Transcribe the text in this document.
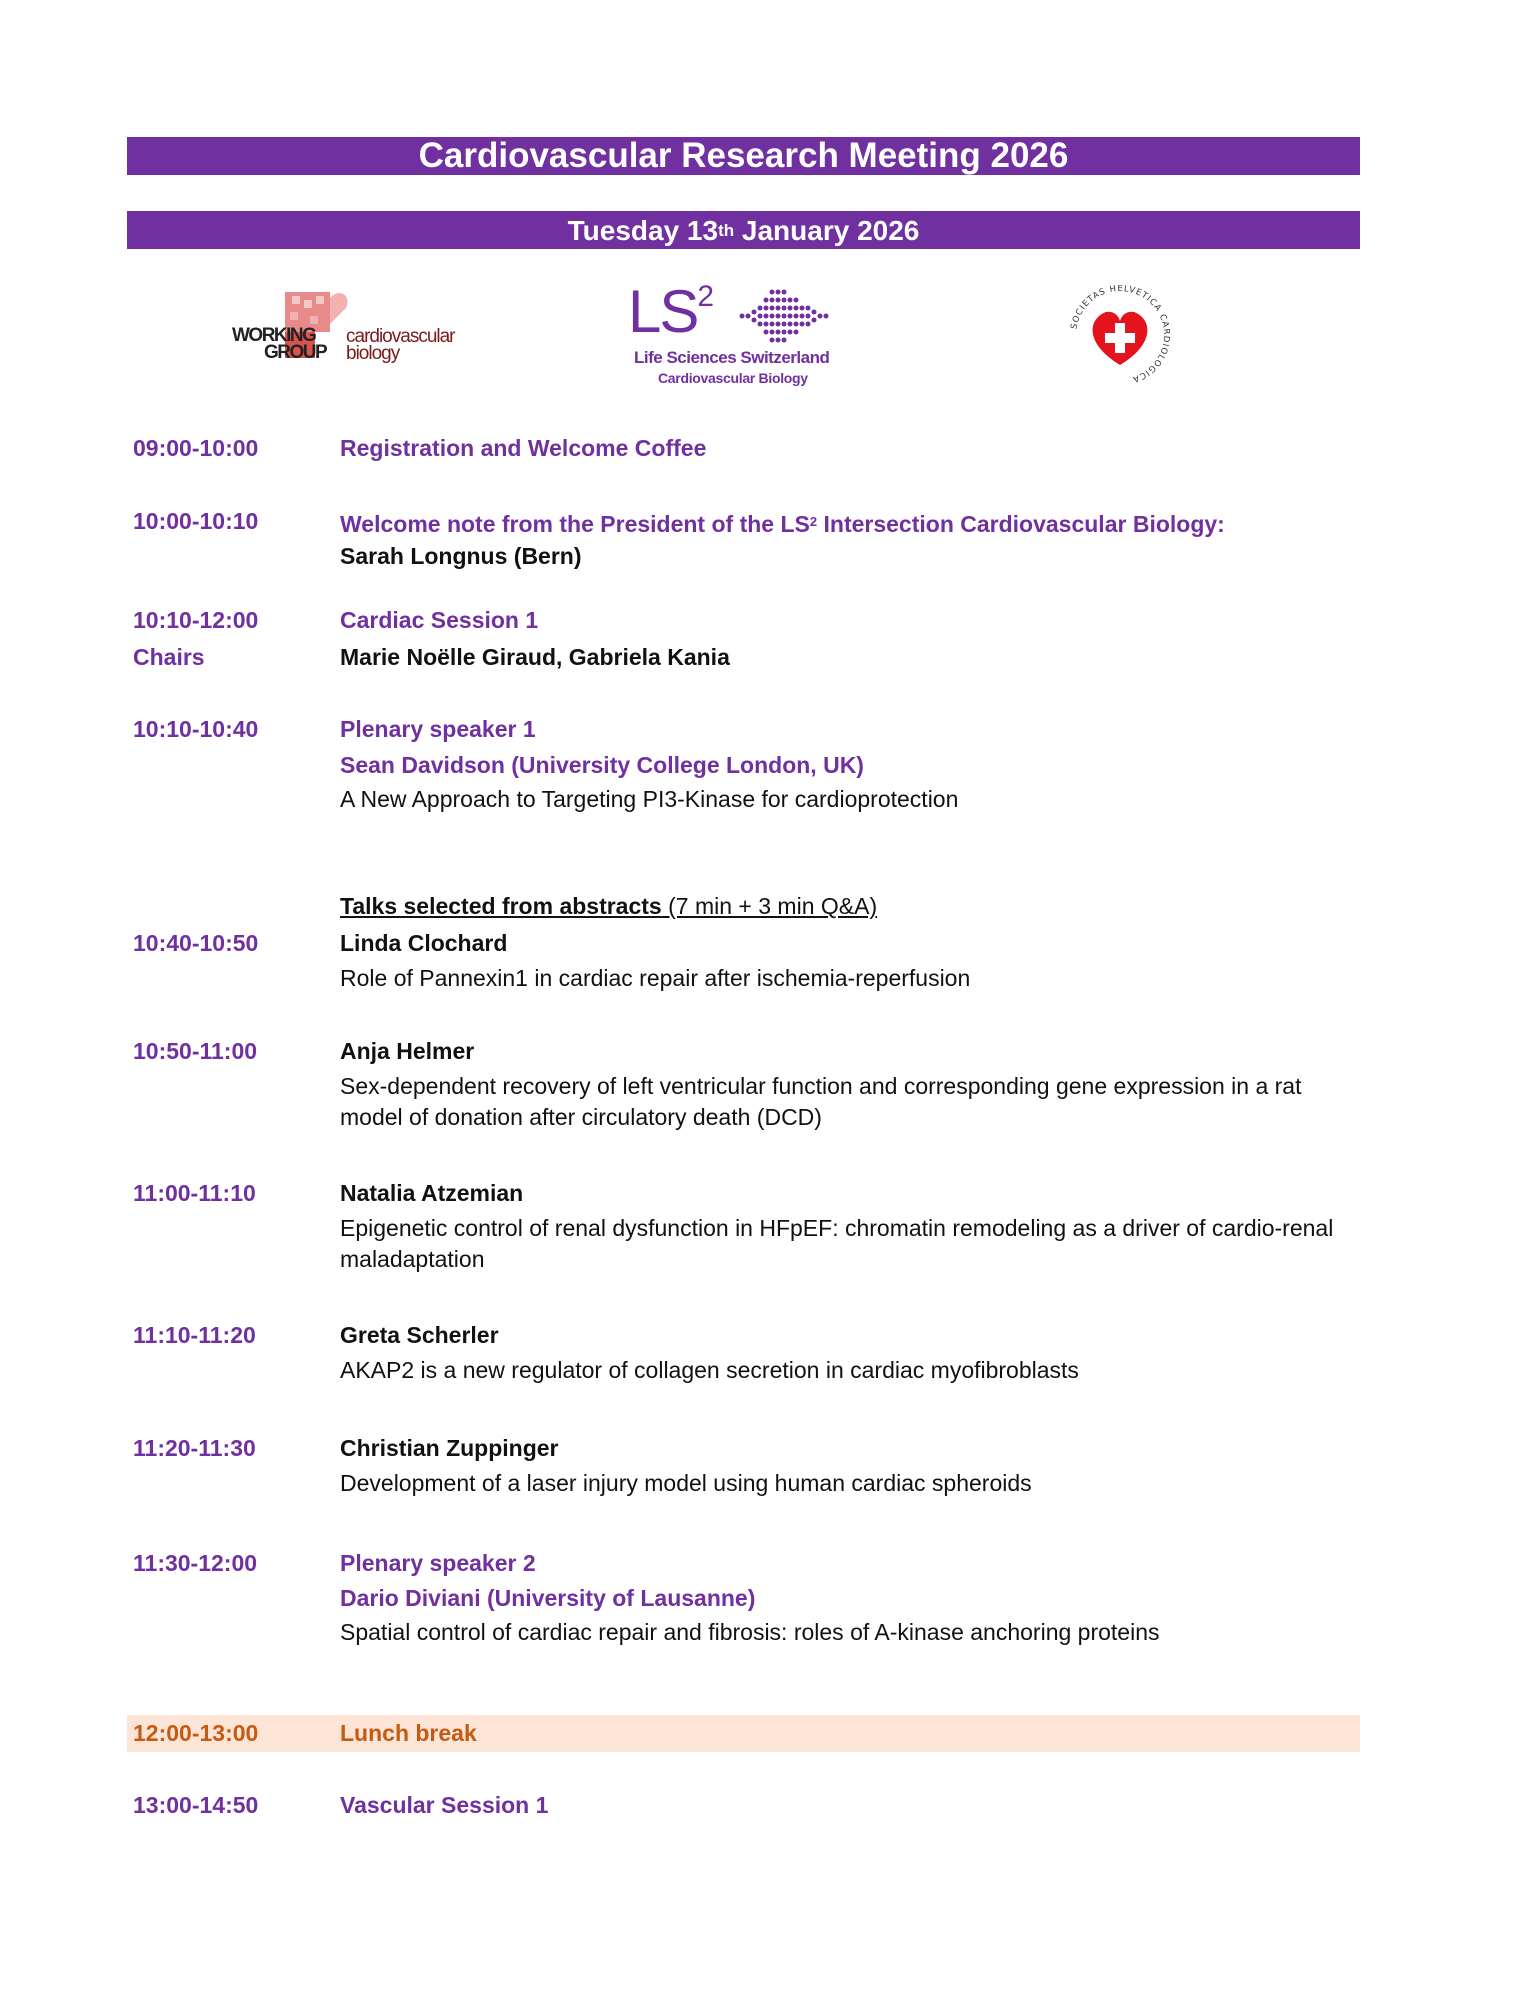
Cardiovascular Research Meeting 2026
Tuesday 13th January 2026
WORKING
GROUP
cardiovascular
biology
$LS^2$
Life Sciences Switzerland
Cardiovascular Biology
SOCIETAS HELVETICA CARDIOLOGICA
09:00-10:00	Registration and Welcome Coffee
10:00-10:10	Welcome note from the President of the $LS^2$ Intersection Cardiovascular Biology:
Sarah Longnus (Bern)
10:10-12:00	Cardiac Session 1
Chairs	Marie Noëlle Giraud, Gabriela Kania
10:10-10:40	Plenary speaker 1
Sean Davidson (University College London, UK)
A New Approach to Targeting PI3-Kinase for cardioprotection
Talks selected from abstracts (7 min + 3 min Q&A)
10:40-10:50	Linda Clochard
Role of Pannexin1 in cardiac repair after ischemia-reperfusion
10:50-11:00	Anja Helmer
Sex-dependent recovery of left ventricular function and corresponding gene expression in a rat model of donation after circulatory death (DCD)
11:00-11:10	Natalia Atzemian
Epigenetic control of renal dysfunction in HFpEF: chromatin remodeling as a driver of cardio-renal maladaptation
11:10-11:20	Greta Scherler
AKAP2 is a new regulator of collagen secretion in cardiac myofibroblasts
11:20-11:30	Christian Zuppinger
Development of a laser injury model using human cardiac spheroids
11:30-12:00	Plenary speaker 2
Dario Diviani (University of Lausanne)
Spatial control of cardiac repair and fibrosis: roles of A-kinase anchoring proteins
12:00-13:00	Lunch break
13:00-14:50	Vascular Session 1
